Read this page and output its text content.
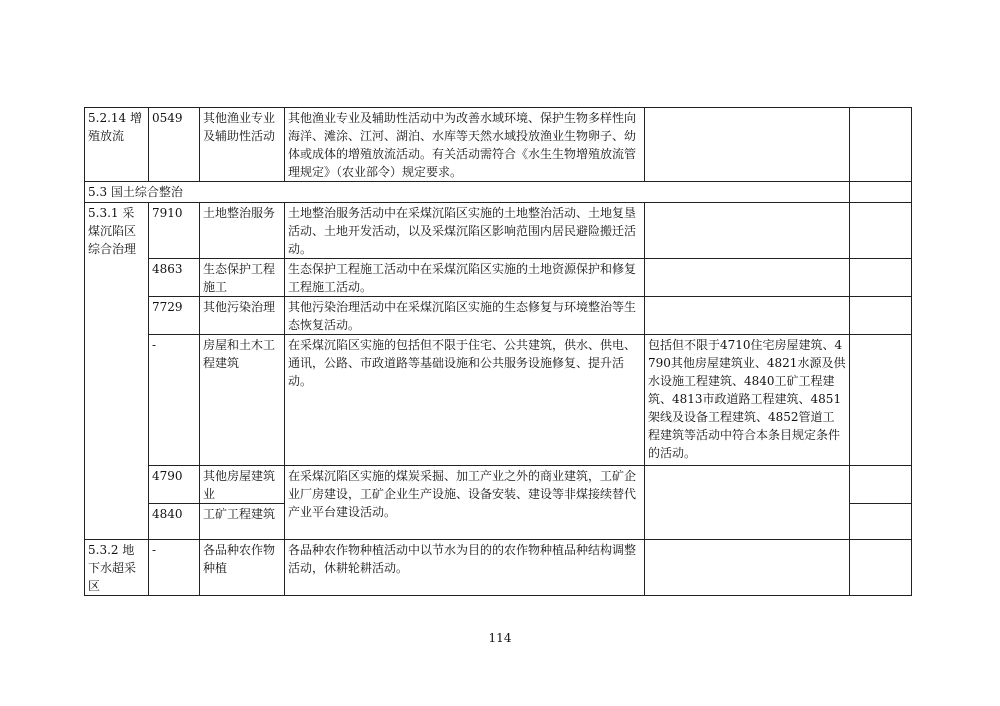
5.2.14 增殖放流	0549	其他渔业专业及辅助性活动	其他渔业专业及辅助性活动中为改善水域环境、保护生物多样性向海洋、滩涂、江河、湖泊、水库等天然水域投放渔业生物卵子、幼体或成体的增殖放流活动。有关活动需符合《水生生物增殖放流管理规定》（农业部令）规定要求。		
5.3 国土综合整治					
5.3.1 采煤沉陷区综合治理	7910	土地整治服务	土地整治服务活动中在采煤沉陷区实施的土地整治活动、土地复垦活动、土地开发活动，以及采煤沉陷区影响范围内居民避险搬迁活动。		
	4863	生态保护工程施工	生态保护工程施工活动中在采煤沉陷区实施的土地资源保护和修复工程施工活动。		
	7729	其他污染治理	其他污染治理活动中在采煤沉陷区实施的生态修复与环境整治等生态恢复活动。		
	-	房屋和土木工程建筑	在采煤沉陷区实施的包括但不限于住宅、公共建筑，供水、供电、通讯，公路、市政道路等基础设施和公共服务设施修复、提升活动。	包括但不限于4710住宅房屋建筑、4790其他房屋建筑业、4821水源及供水设施工程建筑、4840工矿工程建筑、4813市政道路工程建筑、4851架线及设备工程建筑、4852管道工程建筑等活动中符合本条目规定条件的活动。	
	4790	其他房屋建筑业	在采煤沉陷区实施的煤炭采掘、加工产业之外的商业建筑，工矿企业厂房建设，工矿企业生产设施、设备安装、建设等非煤接续替代产业平台建设活动。		
	4840	工矿工程建筑			
5.3.2 地下水超采区	-	各品种农作物种植	各品种农作物种植活动中以节水为目的的农作物种植品种结构调整活动，休耕轮耕活动。		
114
